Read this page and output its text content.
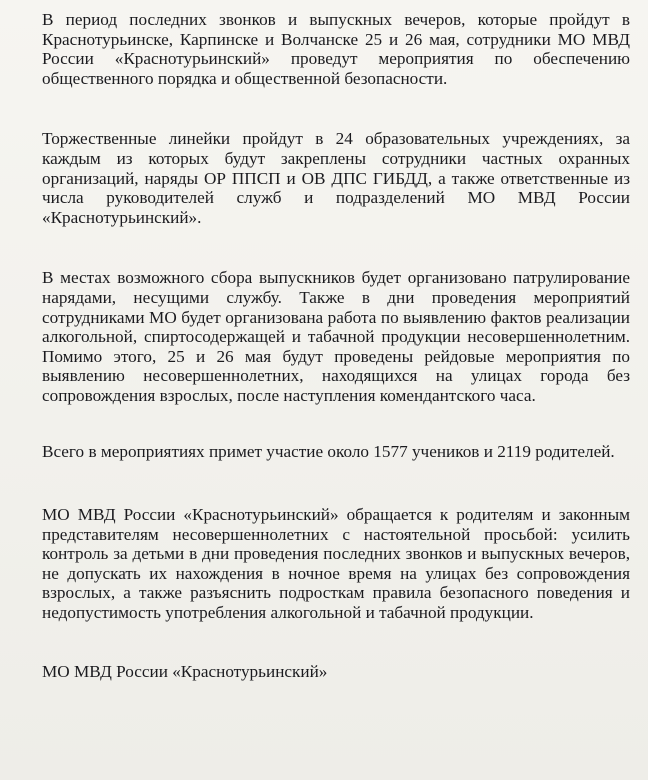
В период последних звонков и выпускных вечеров, которые пройдут в Краснотурьинске, Карпинске и Волчанске 25 и 26 мая, сотрудники МО МВД России «Краснотурьинский» проведут мероприятия по обеспечению общественного порядка и общественной безопасности.

Торжественные линейки пройдут в 24 образовательных учреждениях, за каждым из которых будут закреплены сотрудники частных охранных организаций, наряды ОР ППСП и ОВ ДПС ГИБДД, а также ответственные из числа руководителей служб и подразделений МО МВД России «Краснотурьинский».

В местах возможного сбора выпускников будет организовано патрулирование нарядами, несущими службу. Также в дни проведения мероприятий сотрудниками МО будет организована работа по выявлению фактов реализации алкогольной, спиртосодержащей и табачной продукции несовершеннолетним. Помимо этого, 25 и 26 мая будут проведены рейдовые мероприятия по выявлению несовершеннолетних, находящихся на улицах города без сопровождения взрослых, после наступления комендантского часа.

Всего в мероприятиях примет участие около 1577 учеников и 2119 родителей.

МО МВД России «Краснотурьинский» обращается к родителям и законным представителям несовершеннолетних с настоятельной просьбой: усилить контроль за детьми в дни проведения последних звонков и выпускных вечеров, не допускать их нахождения в ночное время на улицах без сопровождения взрослых, а также разъяснить подросткам правила безопасного поведения и недопустимость употребления алкогольной и табачной продукции.

МО МВД России «Краснотурьинский»
